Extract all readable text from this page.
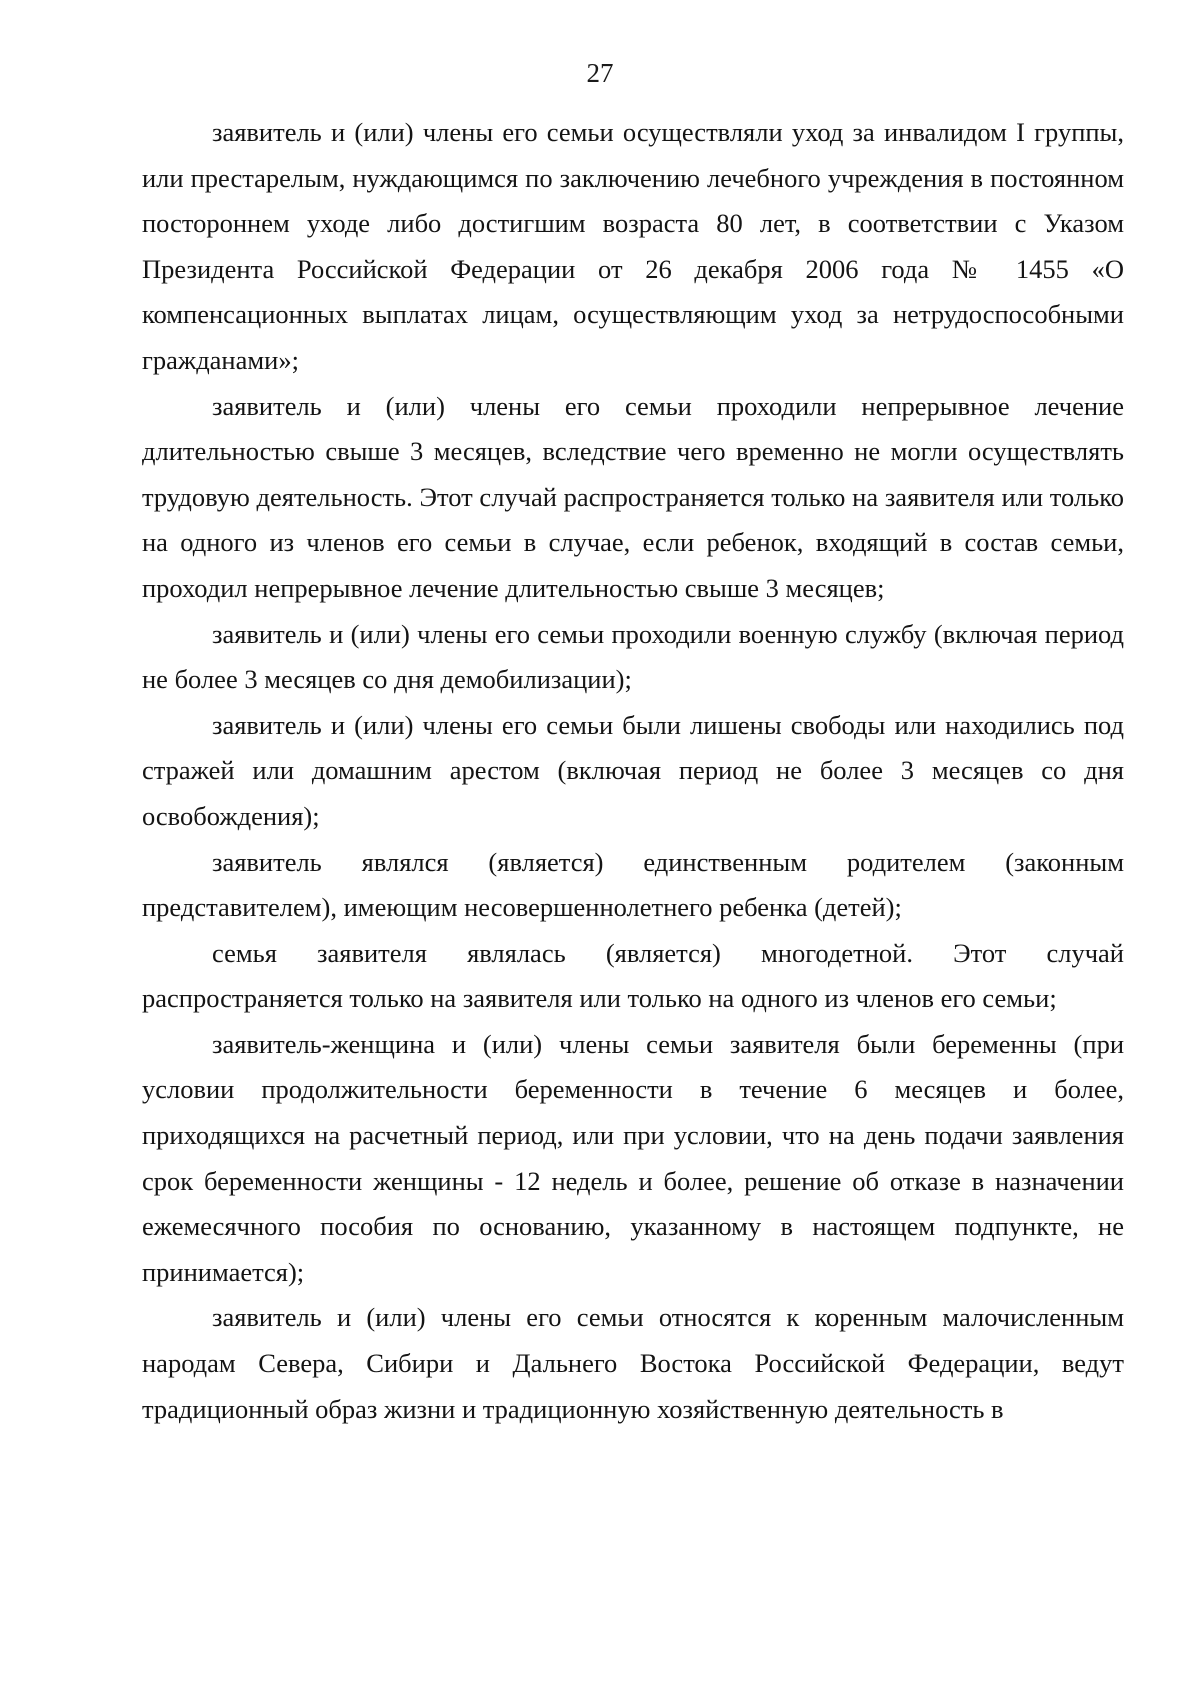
27

заявитель и (или) члены его семьи осуществляли уход за инвалидом I группы, или престарелым, нуждающимся по заключению лечебного учреждения в постоянном постороннем уходе либо достигшим возраста 80 лет, в соответствии с Указом Президента Российской Федерации от 26 декабря 2006 года № 1455 «О компенсационных выплатах лицам, осуществляющим уход за нетрудоспособными гражданами»;

заявитель и (или) члены его семьи проходили непрерывное лечение длительностью свыше 3 месяцев, вследствие чего временно не могли осуществлять трудовую деятельность. Этот случай распространяется только на заявителя или только на одного из членов его семьи в случае, если ребенок, входящий в состав семьи, проходил непрерывное лечение длительностью свыше 3 месяцев;

заявитель и (или) члены его семьи проходили военную службу (включая период не более 3 месяцев со дня демобилизации);

заявитель и (или) члены его семьи были лишены свободы или находились под стражей или домашним арестом (включая период не более 3 месяцев со дня освобождения);

заявитель являлся (является) единственным родителем (законным представителем), имеющим несовершеннолетнего ребенка (детей);

семья заявителя являлась (является) многодетной. Этот случай распространяется только на заявителя или только на одного из членов его семьи;

заявитель-женщина и (или) члены семьи заявителя были беременны (при условии продолжительности беременности в течение 6 месяцев и более, приходящихся на расчетный период, или при условии, что на день подачи заявления срок беременности женщины - 12 недель и более, решение об отказе в назначении ежемесячного пособия по основанию, указанному в настоящем подпункте, не принимается);

заявитель и (или) члены его семьи относятся к коренным малочисленным народам Севера, Сибири и Дальнего Востока Российской Федерации, ведут традиционный образ жизни и традиционную хозяйственную деятельность в
